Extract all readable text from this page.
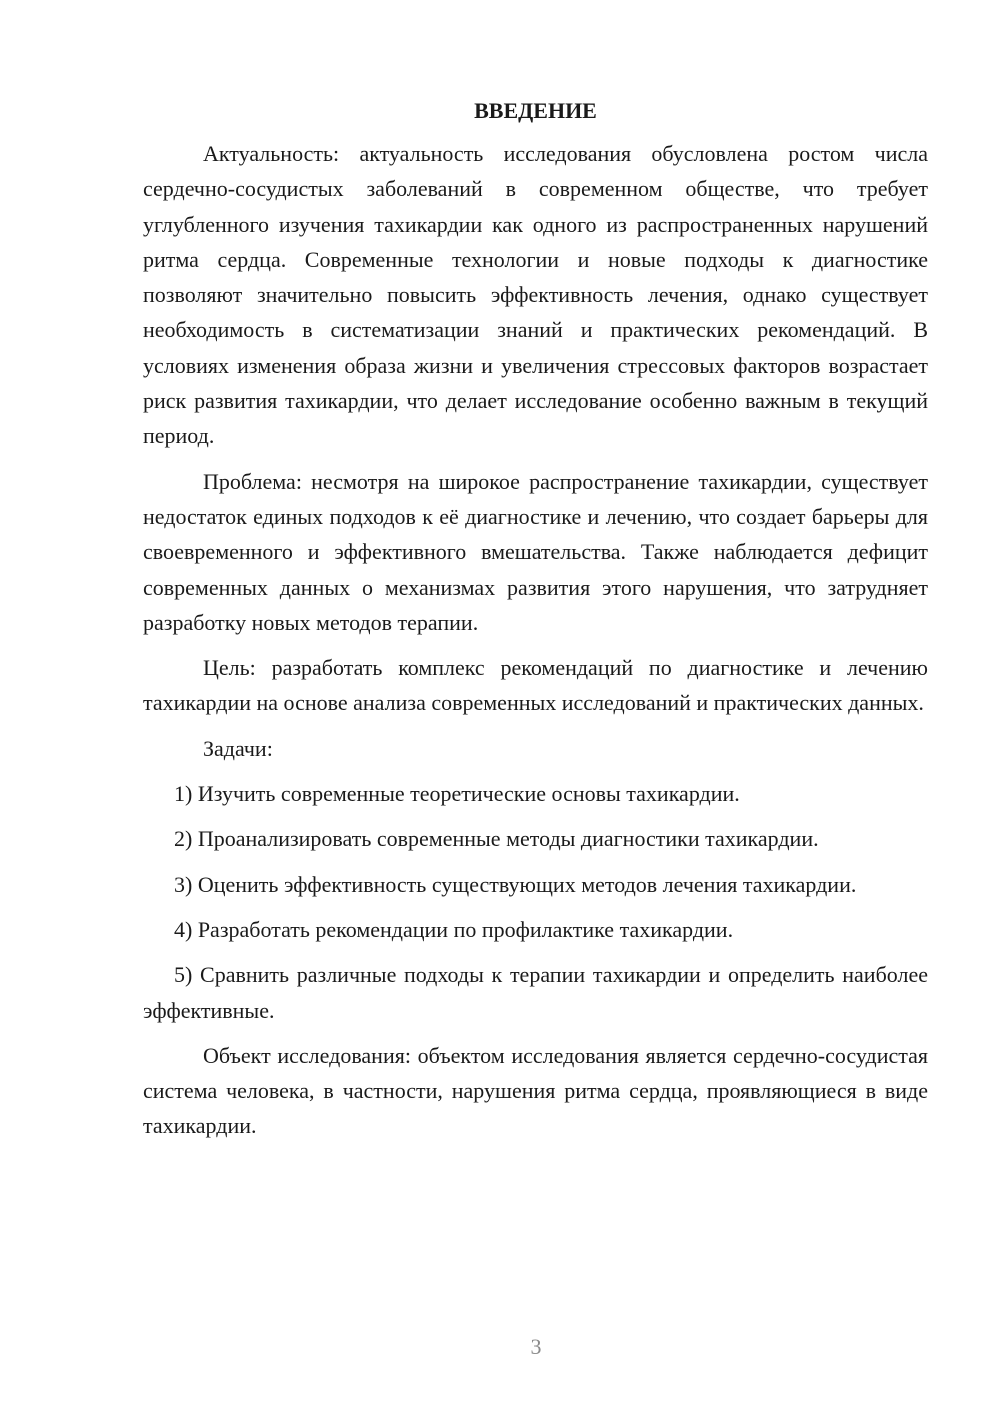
ВВЕДЕНИЕ

Актуальность: актуальность исследования обусловлена ростом числа сердечно-сосудистых заболеваний в современном обществе, что требует углубленного изучения тахикардии как одного из распространенных нарушений ритма сердца. Современные технологии и новые подходы к диагностике позволяют значительно повысить эффективность лечения, однако существует необходимость в систематизации знаний и практических рекомендаций. В условиях изменения образа жизни и увеличения стрессовых факторов возрастает риск развития тахикардии, что делает исследование особенно важным в текущий период.

Проблема: несмотря на широкое распространение тахикардии, существует недостаток единых подходов к её диагностике и лечению, что создает барьеры для своевременного и эффективного вмешательства. Также наблюдается дефицит современных данных о механизмах развития этого нарушения, что затрудняет разработку новых методов терапии.

Цель: разработать комплекс рекомендаций по диагностике и лечению тахикардии на основе анализа современных исследований и практических данных.

Задачи:

1) Изучить современные теоретические основы тахикардии.

2) Проанализировать современные методы диагностики тахикардии.

3) Оценить эффективность существующих методов лечения тахикардии.

4) Разработать рекомендации по профилактике тахикардии.

5) Сравнить различные подходы к терапии тахикардии и определить наиболее эффективные.

Объект исследования: объектом исследования является сердечно-сосудистая система человека, в частности, нарушения ритма сердца, проявляющиеся в виде тахикардии.

3
